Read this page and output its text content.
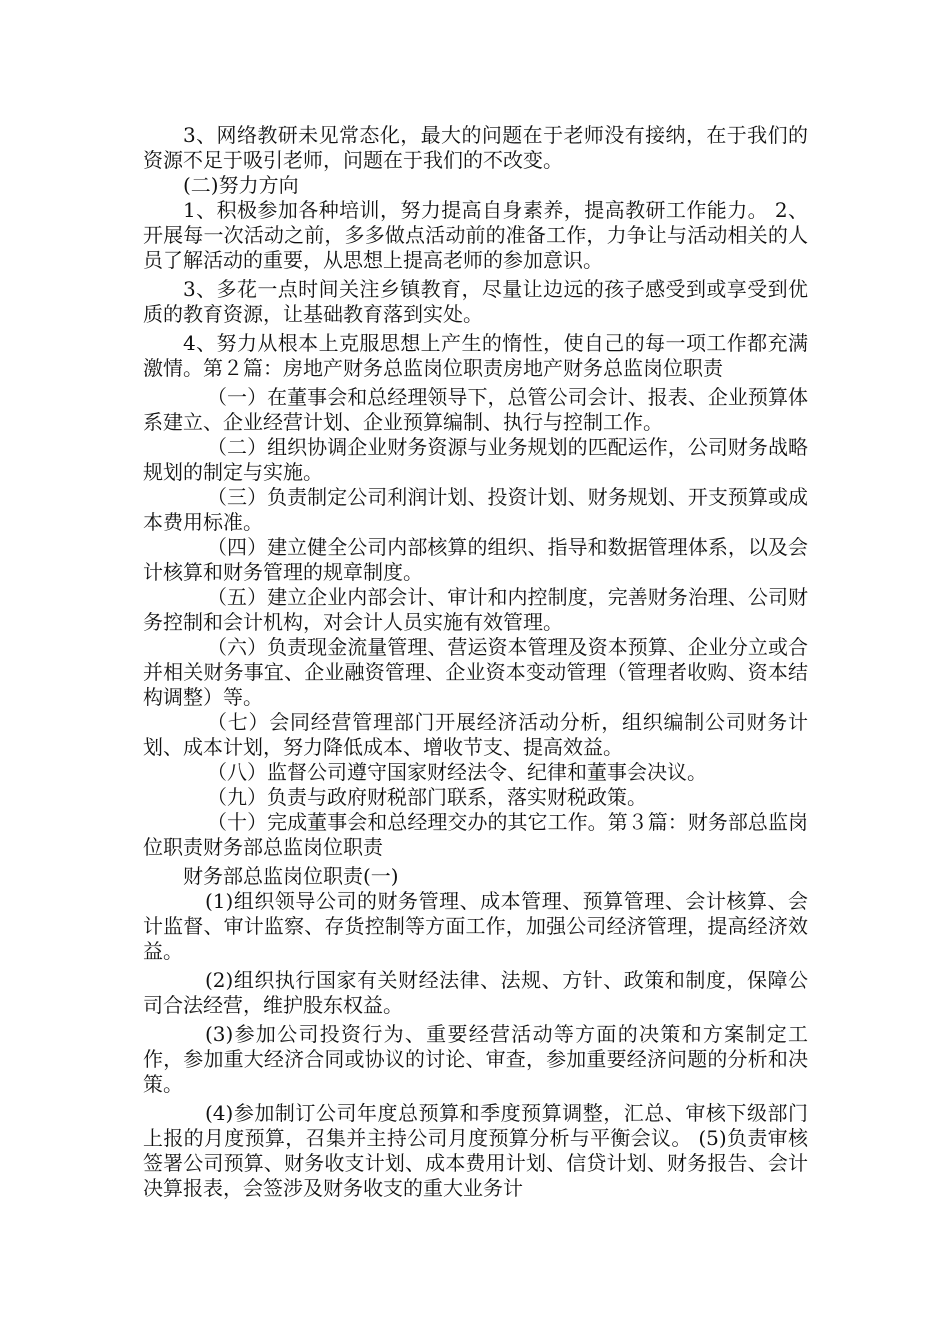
3、网络教研未见常态化，最大的问题在于老师没有接纳，在于我们的资源不足于吸引老师，问题在于我们的不改变。

(二)努力方向

1、积极参加各种培训，努力提高自身素养，提高教研工作能力。 2、开展每一次活动之前，多多做点活动前的准备工作，力争让与活动相关的人员了解活动的重要，从思想上提高老师的参加意识。

3、多花一点时间关注乡镇教育，尽量让边远的孩子感受到或享受到优质的教育资源，让基础教育落到实处。

4、努力从根本上克服思想上产生的惰性，使自己的每一项工作都充满激情。第２篇：房地产财务总监岗位职责房地产财务总监岗位职责

（一）在董事会和总经理领导下，总管公司会计、报表、企业预算体系建立、企业经营计划、企业预算编制、执行与控制工作。

（二）组织协调企业财务资源与业务规划的匹配运作，公司财务战略规划的制定与实施。

（三）负责制定公司利润计划、投资计划、财务规划、开支预算或成本费用标准。

（四）建立健全公司内部核算的组织、指导和数据管理体系，以及会计核算和财务管理的规章制度。

（五）建立企业内部会计、审计和内控制度，完善财务治理、公司财务控制和会计机构，对会计人员实施有效管理。

（六）负责现金流量管理、营运资本管理及资本预算、企业分立或合并相关财务事宜、企业融资管理、企业资本变动管理（管理者收购、资本结构调整）等。

（七）会同经营管理部门开展经济活动分析，组织编制公司财务计划、成本计划，努力降低成本、增收节支、提高效益。

（八）监督公司遵守国家财经法令、纪律和董事会决议。

（九）负责与政府财税部门联系，落实财税政策。

（十）完成董事会和总经理交办的其它工作。第３篇：财务部总监岗位职责财务部总监岗位职责

财务部总监岗位职责(一)

(1)组织领导公司的财务管理、成本管理、预算管理、会计核算、会计监督、审计监察、存货控制等方面工作，加强公司经济管理，提高经济效益。

(2)组织执行国家有关财经法律、法规、方针、政策和制度，保障公司合法经营，维护股东权益。

(3)参加公司投资行为、重要经营活动等方面的决策和方案制定工作，参加重大经济合同或协议的讨论、审查，参加重要经济问题的分析和决策。

(4)参加制订公司年度总预算和季度预算调整，汇总、审核下级部门上报的月度预算，召集并主持公司月度预算分析与平衡会议。 (5)负责审核签署公司预算、财务收支计划、成本费用计划、信贷计划、财务报告、会计决算报表，会签涉及财务收支的重大业务计
